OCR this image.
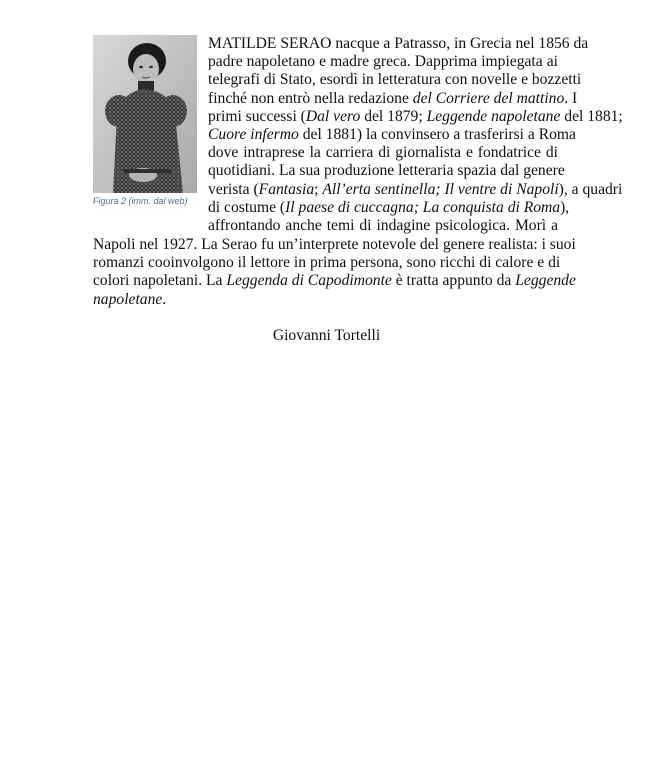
Figura 2 (imm. dal web)
MATILDE SERAO nacque a Patrasso, in Grecia nel 1856 da
padre napoletano e madre greca. Dapprima impiegata ai
telegrafi di Stato, esordì in letteratura con novelle e bozzetti
finché non entrò nella redazione del Corriere del mattino. I
primi successi (Dal vero del 1879; Leggende napoletane del 1881;
Cuore infermo del 1881) la convinsero a trasferirsi a Roma
dove intraprese la carriera di giornalista e fondatrice di
quotidiani. La sua produzione letteraria spazia dal genere
verista (Fantasia; All’erta sentinella; Il ventre di Napoli), a quadri
di costume (Il paese di cuccagna; La conquista di Roma),
affrontando anche temi di indagine psicologica. Morì a
Napoli nel 1927. La Serao fu un’interprete notevole del genere realista: i suoi
romanzi cooinvolgono il lettore in prima persona, sono ricchi di calore e di
colori napoletani. La Leggenda di Capodimonte è tratta appunto da Leggende
napoletane.
Giovanni Tortelli
